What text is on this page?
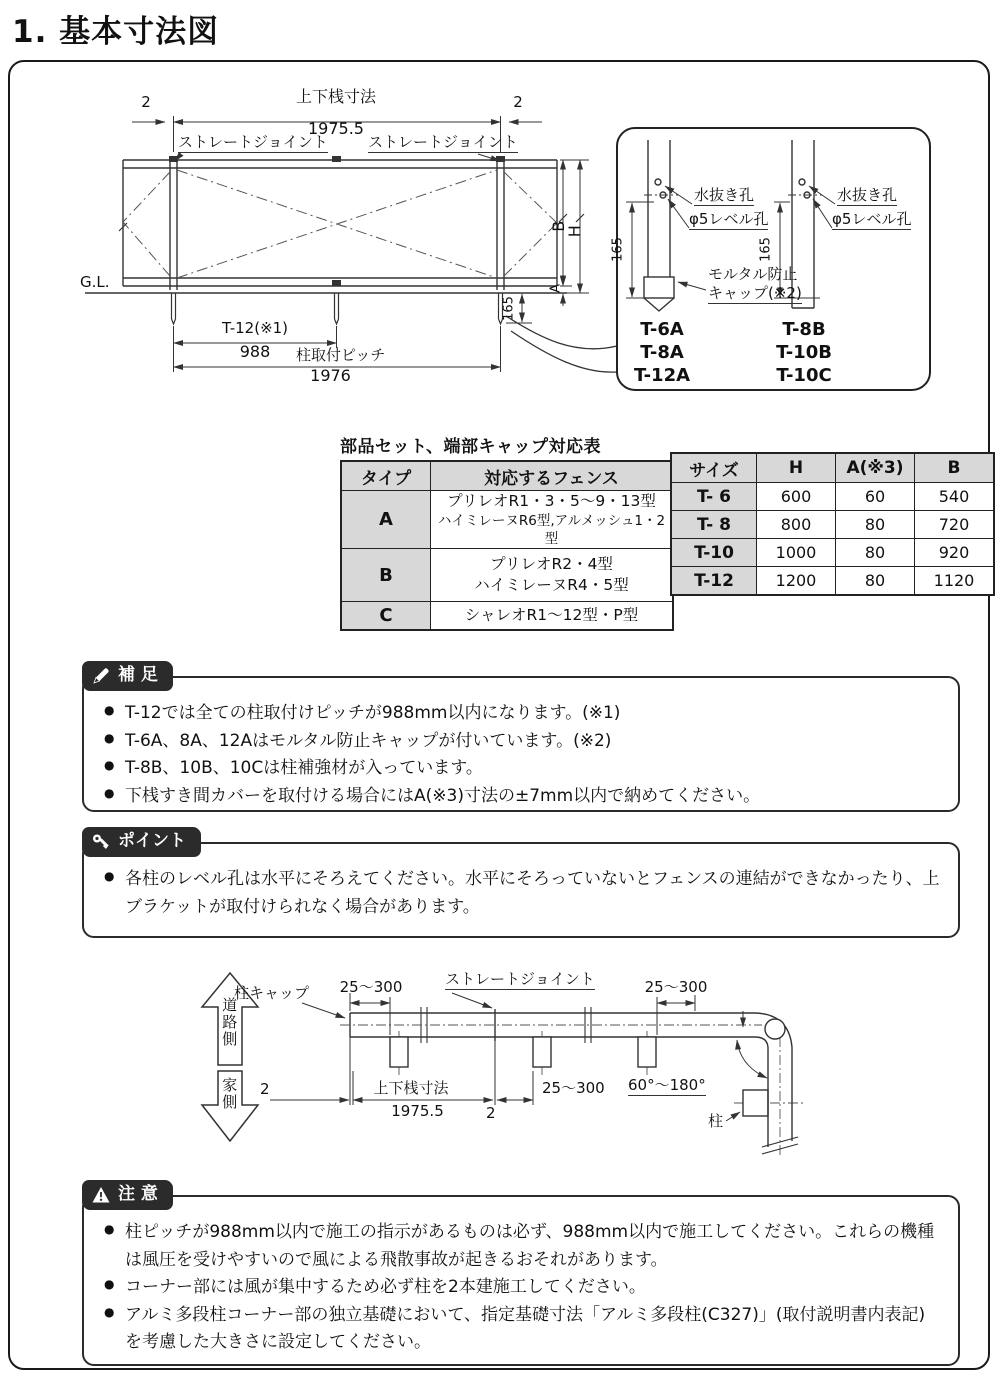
1. 基本寸法図
2	上下桟寸法
1975.5
2
ストレートジョイント	ストレートジョイント
G.L.
B
H
A
165
T-12(※1)
988	柱取付ピッチ
1976
水抜き孔
φ5レベル孔
165
モルタル防止
キャップ(※2)
T-6A
T-8A
T-12A
水抜き孔
φ5レベル孔
165
T-8B
T-10B
T-10C
部品セット、端部キャップ対応表
タイプ	対応するフェンス
A	プリレオR1・3・5〜9・13型
ハイミレーヌR6型,アルメッシュ1・2型

B	プリレオR2・4型
ハイミレーヌR4・5型

C	シャレオR1〜12型・P型
サイズ	H	A(※3)	B
T- 6	600	60	540
T- 8	800	80	720
T-10	1000	80	920
T-12	1200	80	1120
補 足
● T-12では全ての柱取付けピッチが988mm以内になります。(※1)
● T-6A、8A、12Aはモルタル防止キャップが付いています。(※2)
● T-8B、10B、10Cは柱補強材が入っています。
● 下桟すき間カバーを取付ける場合にはA(※3)寸法の±7mm以内で納めてください。
ポイント
● 各柱のレベル孔は水平にそろえてください。水平にそろっていないとフェンスの連結ができなかったり、上ブラケットが取付けられなく場合があります。
道路側
家側
柱キャップ 25〜300	ストレートジョイント	25〜300
2	上下桟寸法
1975.5	2
25〜300 60°〜180°
柱
注 意
● 柱ピッチが988mm以内で施工の指示があるものは必ず、988mm以内で施工してください。これらの機種は風圧を受けやすいので風による飛散事故が起きるおそれがあります。
● コーナー部には風が集中するため必ず柱を2本建施工してください。
● アルミ多段柱コーナー部の独立基礎において、指定基礎寸法「アルミ多段柱(C327)」(取付説明書内表記)を考慮した大きさに設定してください。
